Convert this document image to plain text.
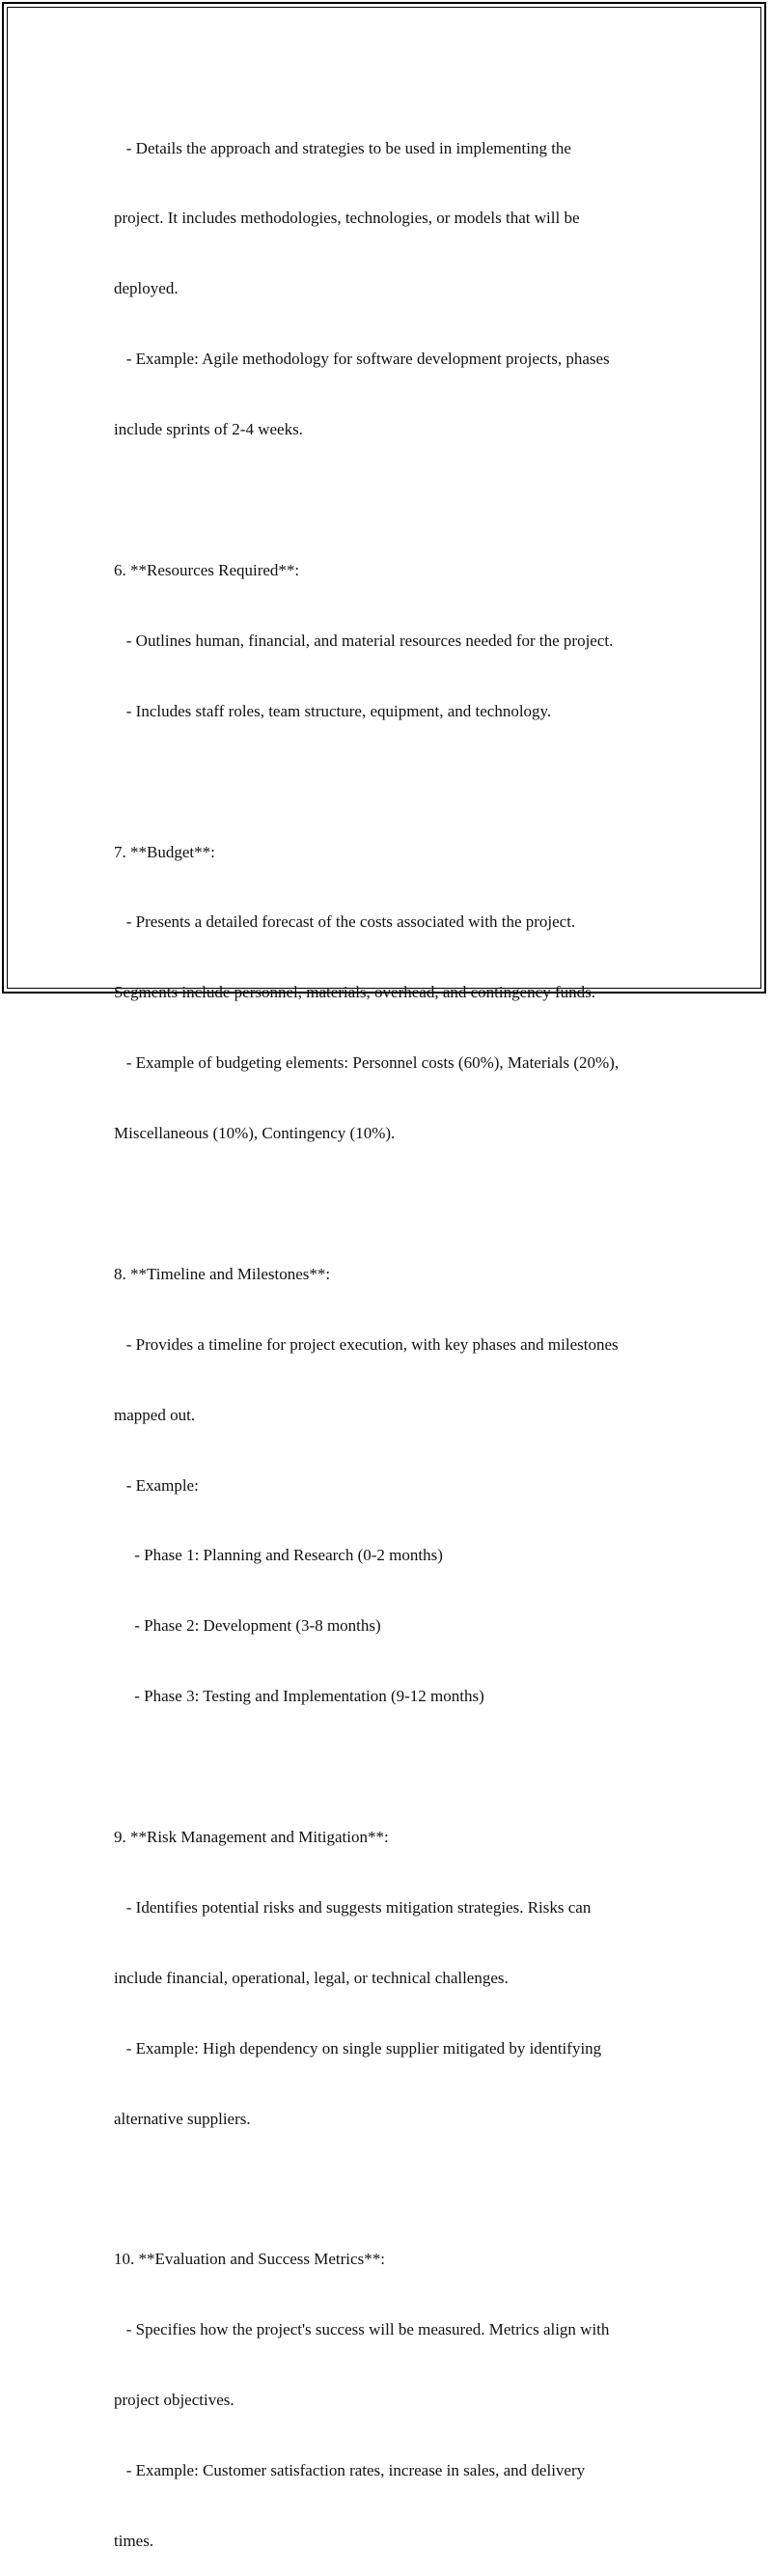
- Details the approach and strategies to be used in implementing the

project. It includes methodologies, technologies, or models that will be

deployed.

- Example: Agile methodology for software development projects, phases

include sprints of 2-4 weeks.

6. **Resources Required**:

- Outlines human, financial, and material resources needed for the project.

- Includes staff roles, team structure, equipment, and technology.

7. **Budget**:

- Presents a detailed forecast of the costs associated with the project.

Segments include personnel, materials, overhead, and contingency funds.

- Example of budgeting elements: Personnel costs (60%), Materials (20%),

Miscellaneous (10%), Contingency (10%).

8. **Timeline and Milestones**:

- Provides a timeline for project execution, with key phases and milestones

mapped out.

- Example:

- Phase 1: Planning and Research (0-2 months)

- Phase 2: Development (3-8 months)

- Phase 3: Testing and Implementation (9-12 months)

9. **Risk Management and Mitigation**:

- Identifies potential risks and suggests mitigation strategies. Risks can

include financial, operational, legal, or technical challenges.

- Example: High dependency on single supplier mitigated by identifying

alternative suppliers.

10. **Evaluation and Success Metrics**:

- Specifies how the project's success will be measured. Metrics align with

project objectives.

- Example: Customer satisfaction rates, increase in sales, and delivery

times.
